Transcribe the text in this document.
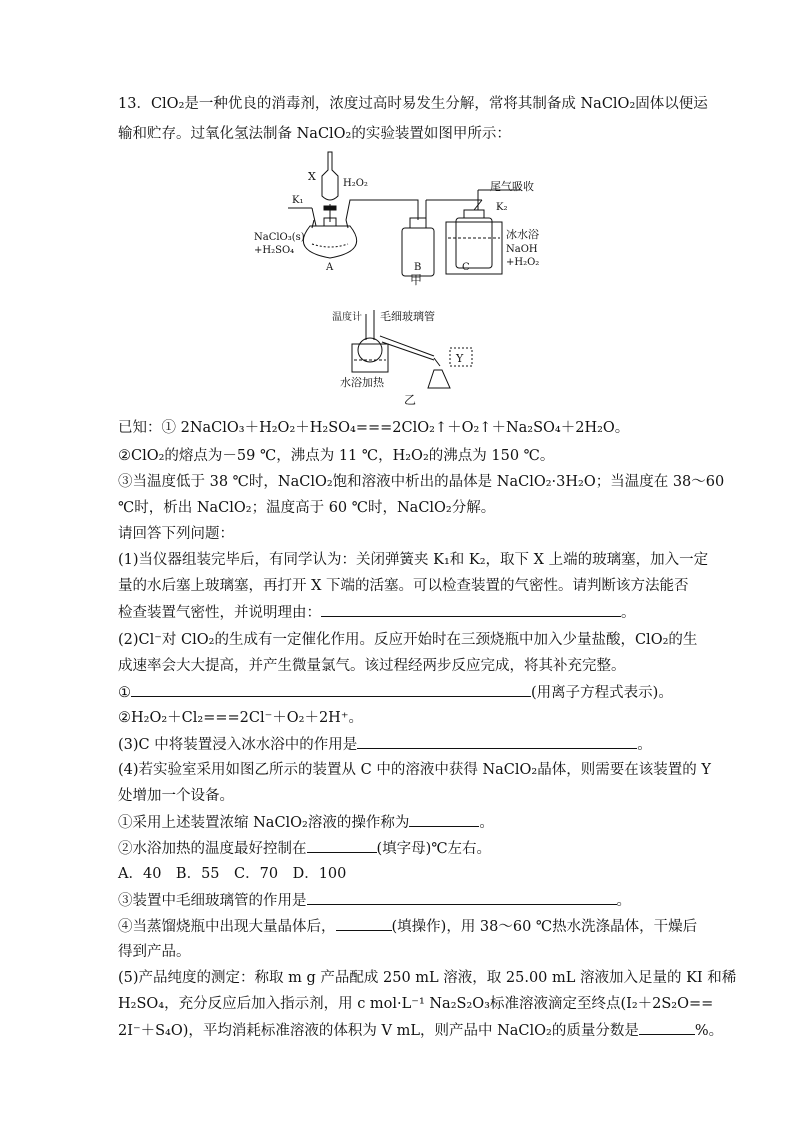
13．ClO₂是一种优良的消毒剂，浓度过高时易发生分解，常将其制备成 NaClO₂固体以便运
输和贮存。过氧化氢法制备 NaClO₂的实验装置如图甲所示：
X
H₂O₂
K₁
K₂
尾气吸收
NaClO₃(s)
+H₂SO₄
A	B	C
冰水浴
NaOH
+H₂O₂
甲
温度计 毛细玻璃管
Y
水浴加热
乙
已知：① 2NaClO₃＋H₂O₂＋H₂SO₄===2ClO₂↑＋O₂↑＋Na₂SO₄＋2H₂O。
②ClO₂的熔点为－59 ℃，沸点为 11 ℃，H₂O₂的沸点为 150 ℃。
③当温度低于 38 ℃时，NaClO₂饱和溶液中析出的晶体是 NaClO₂·3H₂O；当温度在 38～60
℃时，析出 NaClO₂；温度高于 60 ℃时，NaClO₂分解。
请回答下列问题：
(1)当仪器组装完毕后，有同学认为：关闭弹簧夹 K₁和 K₂，取下 X 上端的玻璃塞，加入一定
量的水后塞上玻璃塞，再打开 X 下端的活塞。可以检查装置的气密性。请判断该方法能否
检查装置气密性，并说明理由：	。
(2)Cl⁻对 ClO₂的生成有一定催化作用。反应开始时在三颈烧瓶中加入少量盐酸，ClO₂的生
成速率会大大提高，并产生微量氯气。该过程经两步反应完成，将其补充完整。
①	(用离子方程式表示)。
②H₂O₂＋Cl₂===2Cl⁻＋O₂＋2H⁺。
(3)C 中将装置浸入冰水浴中的作用是	。
(4)若实验室采用如图乙所示的装置从 C 中的溶液中获得 NaClO₂晶体，则需要在该装置的 Y
处增加一个设备。
①采用上述装置浓缩 NaClO₂溶液的操作称为	。
②水浴加热的温度最好控制在	(填字母)℃左右。
A．40　B．55　C．70　D．100
③装置中毛细玻璃管的作用是	。
④当蒸馏烧瓶中出现大量晶体后，	(填操作)，用 38～60 ℃热水洗涤晶体，干燥后
得到产品。
(5)产品纯度的测定：称取 m g 产品配成 250 mL 溶液，取 25.00 mL 溶液加入足量的 KI 和稀
H₂SO₄，充分反应后加入指示剂，用 c mol·L⁻¹ Na₂S₂O₃标准溶液滴定至终点(I₂＋2S₂O==
2I⁻＋S₄O)，平均消耗标准溶液的体积为 V mL，则产品中 NaClO₂的质量分数是	%。
